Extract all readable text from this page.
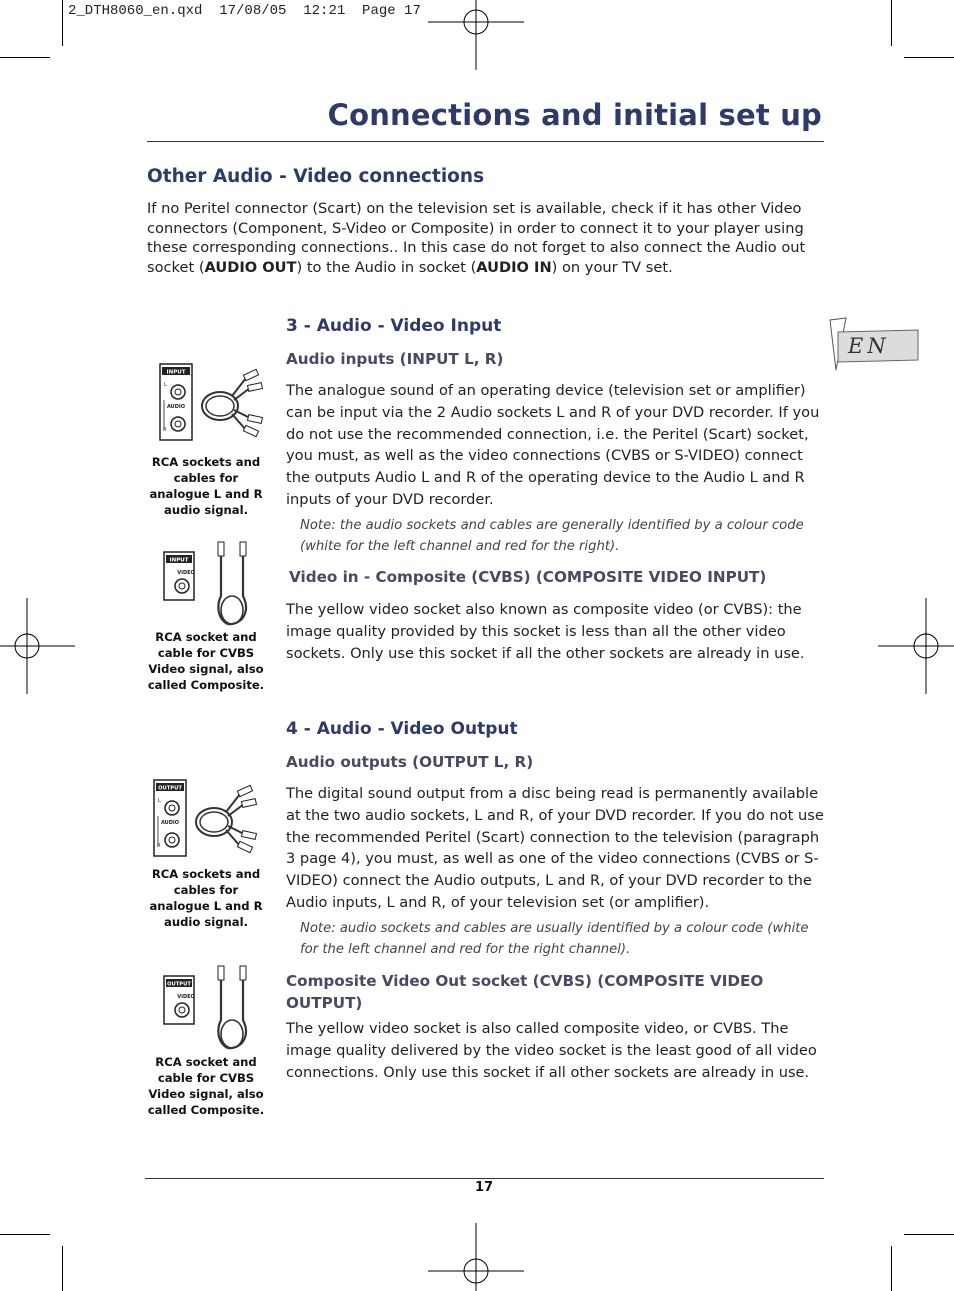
2_DTH8060_en.qxd  17/08/05  12:21  Page 17
Connections and initial set up
EN
Other Audio - Video connections
If no Peritel connector (Scart) on the television set is available, check if it has other Video connectors (Component, S-Video or Composite) in order to connect it to your player using these corresponding connections.. In this case do not forget to also connect the Audio out socket (AUDIO OUT) to the Audio in socket (AUDIO IN) on your TV set.
3 - Audio - Video Input
Audio inputs (INPUT L, R)
The analogue sound of an operating device (television set or amplifier) can be input via the 2 Audio sockets L and R of your DVD recorder. If you do not use the recommended connection, i.e. the Peritel (Scart) socket, you must, as well as the video connections (CVBS or S-VIDEO) connect the outputs Audio L and R of the operating device to the Audio L and R inputs of your DVD recorder.
Note: the audio sockets and cables are generally identified by a colour code (white for the left channel and red for the right).
Video in - Composite (CVBS) (COMPOSITE VIDEO INPUT)
The yellow video socket also known as composite video (or CVBS): the image quality provided by this socket is less than all the other video sockets. Only use this socket if all the other sockets are already in use.
4 - Audio - Video Output
Audio outputs (OUTPUT L, R)
The digital sound output from a disc being read is permanently available at the two audio sockets, L and R, of your DVD recorder. If you do not use the recommended Peritel (Scart) connection to the television (paragraph 3 page 4), you must, as well as one of the video connections (CVBS or S-VIDEO) connect the Audio outputs, L and R, of your DVD recorder to the Audio inputs, L and R, of your television set (or amplifier).
Note: audio sockets and cables are usually identified by a colour code (white for the left channel and red for the right channel).
Composite Video Out socket (CVBS) (COMPOSITE VIDEO OUTPUT)
The yellow video socket is also called composite video, or CVBS. The image quality delivered by the video socket is the least good of all video connections. Only use this socket if all other sockets are already in use.
INPUT
L
AUDIO
R
RCA sockets and cables for analogue L and R audio signal.
INPUT
VIDEO
RCA socket and cable for CVBS Video signal, also called Composite.
OUTPUT
L
AUDIO
R
RCA sockets and cables for analogue L and R audio signal.
OUTPUT
VIDEO
RCA socket and cable for CVBS Video signal, also called Composite.
17
